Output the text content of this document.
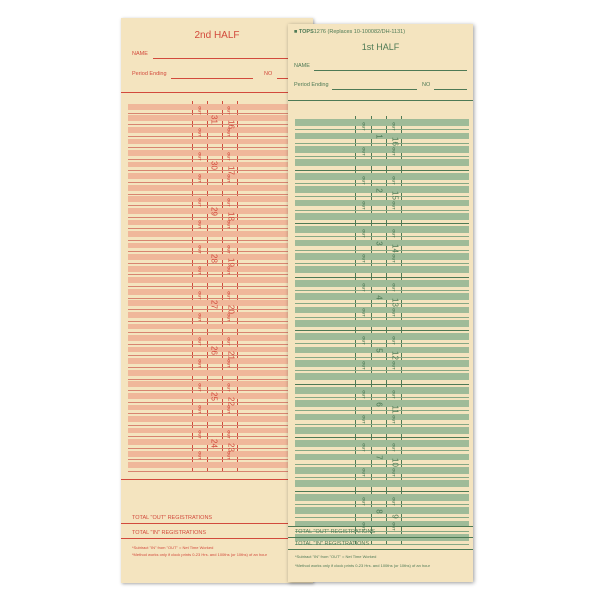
2nd HALF
NAME
Period Ending	NO
OUT
OUT
OUT
OUT
31
16
OUT
OUT
OUT
OUT
30
17
OUT
OUT
OUT
OUT
29
18
OUT
OUT
OUT
OUT
28
19
OUT
OUT
OUT
OUT
27
20
OUT
OUT
OUT
OUT
26
21
OUT
OUT
OUT
OUT
25
22
OUT
OUT
OUT
OUT
24
23
TOTAL "OUT" REGISTRATIONS
TOTAL "IN" REGISTRATIONS
*Subtract "IN" from "OUT" = Net Time Worked
*Method works only if clock prints 0-23 Hrs. and 100ths (or 10ths) of an hour
■ TOPS1276 (Replaces 10-100082/DH-1131)
1st HALF
NAME
Period Ending	NO
OUT
OUT
OUT
OUT
1
16
OUT
OUT
OUT
OUT
2
15
OUT
OUT
OUT
OUT
3
14
OUT
OUT
OUT
OUT
4
13
OUT
OUT
OUT
OUT
5
12
OUT
OUT
OUT
OUT
6
11
OUT
OUT
OUT
OUT
7
10
OUT
OUT
OUT
OUT
8
9
TOTAL "OUT" REGISTRATIONS
TOTAL "IN" REGISTRATIONS
*Subtract "IN" from "OUT" = Net Time Worked
*Method works only if clock prints 0-23 Hrs. and 100ths (or 10ths) of an hour
